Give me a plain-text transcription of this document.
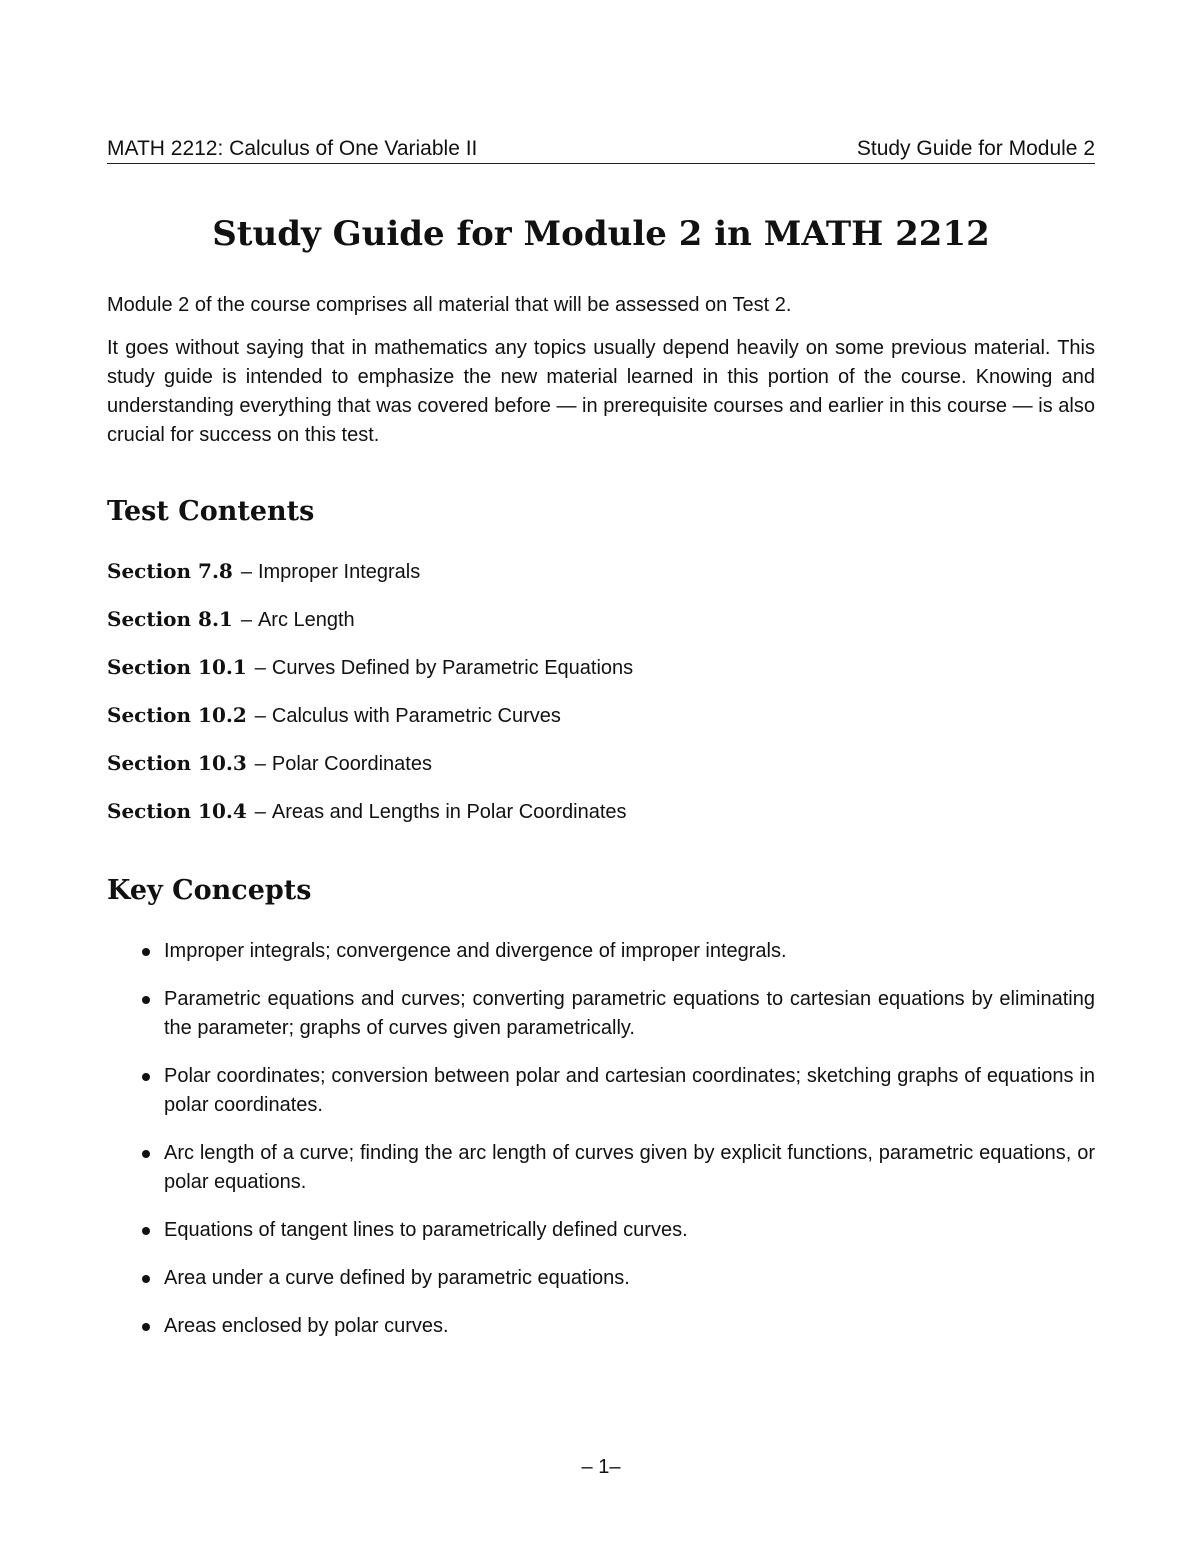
MATH 2212: Calculus of One Variable II	Study Guide for Module 2
Study Guide for Module 2 in MATH 2212

Module 2 of the course comprises all material that will be assessed on Test 2.

It goes without saying that in mathematics any topics usually depend heavily on some previous material. This study guide is intended to emphasize the new material learned in this portion of the course. Knowing and understanding everything that was covered before — in prerequisite courses and earlier in this course — is also crucial for success on this test.

Test Contents
Section 7.8 – Improper Integrals
Section 8.1 – Arc Length
Section 10.1 – Curves Defined by Parametric Equations
Section 10.2 – Calculus with Parametric Curves
Section 10.3 – Polar Coordinates
Section 10.4 – Areas and Lengths in Polar Coordinates
Key Concepts
Improper integrals; convergence and divergence of improper integrals.
Parametric equations and curves; converting parametric equations to cartesian equations by eliminating the parameter; graphs of curves given parametrically.
Polar coordinates; conversion between polar and cartesian coordinates; sketching graphs of equations in polar coordinates.
Arc length of a curve; finding the arc length of curves given by explicit functions, parametric equations, or polar equations.
Equations of tangent lines to parametrically defined curves.
Area under a curve defined by parametric equations.
Areas enclosed by polar curves.
– 1–
